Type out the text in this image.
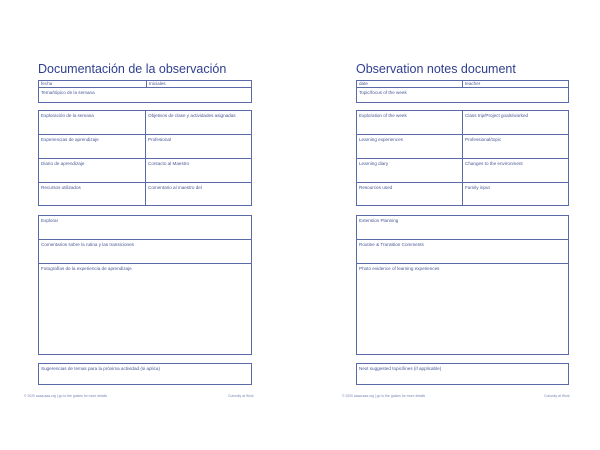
Documentación de la observación
fecha	Iniciales
Tema/tópico de la semana
Exploración de la semana	Objetivos de clase y actividades asignadas
Experiencias de aprendizaje	Profesional
Diario de aprendizaje	Contacto al Maestro
Recursos utilizados	Comentario al maestro del
Explorar
Comentarios sobre la rutina y las transiciones
Fotografías de la experiencia de aprendizaje
Sugerencias de temas para la próxima actividad (si aplica)
© 2020 aaaa.aaa.org | go to the guides for more details	Curiosity at Work
Observation notes document
date	teacher
Topic/focus of the week
Exploration of the week	Class trip/Project goals/worked
Learning experiences	Professional/topic
Learning diary	Changes to the environment
Resources used	Family input
Extension Planning
Routine & Transition Comments
Photo evidence of learning experiences
Next suggested topic/lines (if applicable)
© 2020 aaaa.aaa.org | go to the guides for more details	Curiosity at Work
